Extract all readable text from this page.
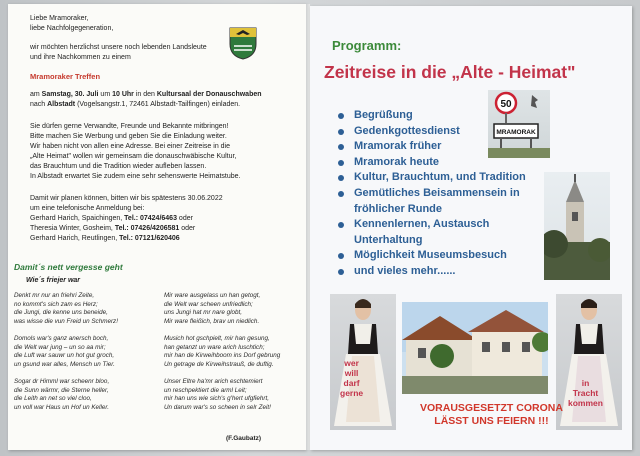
Liebe Mramoraker,
liebe Nachfolgegeneration,
wir möchten herzlichst unsere noch lebenden Landsleute
und ihre Nachkommen zu einem
Mramoraker Treffen
am Samstag, 30. Juli um 10 Uhr in den Kultursaal der Donauschwaben
nach Albstadt (Vogelsangstr.1, 72461 Albstadt-Tailfingen) einladen.
Sie dürfen gerne Verwandte, Freunde und Bekannte mitbringen!
Bitte machen Sie Werbung und geben Sie die Einladung weiter.
Wir haben nicht von allen eine Adresse. Bei einer Zeitreise in die
„Alte Heimat" wollen wir gemeinsam die donauschwäbische Kultur,
das Brauchtum und die Tradition wieder aufleben lassen.
In Albstadt erwartet Sie zudem eine sehr sehenswerte Heimatstube.
Damit wir planen können, bitten wir bis spätestens 30.06.2022
um eine telefonische Anmeldung bei:
Gerhard Harich, Spaichingen, Tel.: 07424/6463 oder
Theresia Winter, Gosheim, Tel.: 07426/4206581 oder
Gerhard Harich, Reutlingen, Tel.: 07121/620406
Damit´s nett vergesse geht
Wie´s friejer war
Denkt mr nur an friehri Zeite,
no kommt's sich zam es Herz;
die Jungi, die kenne uns beneide,
was wisse die vun Freid un Schmerz!

Domols war's ganz anersch boch,
die Welt war jung – un so aa mir;
die Luft war sauwr un hot gut groch,
un gsund war alles, Mensch un Tier.

Sogar dr Himml war scheenr bloo,
die Sunn wärmr, die Sterne heller,
die Leith an net so viel cloo,
un voll war Haus un Hof un Keller.
Mir ware ausgelass un han getogt,
die Welt war scheen unfriedlich;
uns Jungi hat mr nare globt,
Mir ware fleißich, brav un niedlich.

Musich hot gschpielt, mir han gesung,
han getanzt un ware arich luschtich;
mir han de Kirweihboom ins Dorf gebrung
Un getrage de Kirweihstrauß, de duftig.

Unser Eltre ha'mr arich eschtemiert
un reschpektiert die arml Leit;
mir han uns wie sich's g'hert ufgfiehrt,
Un darum war's so scheen in selr Zeit!
(F.Gaubatz)
Programm:
Zeitreise in die „Alte - Heimat"
50
MRAMORAK
Begrüßung
Gedenkgottesdienst
Mramorak früher
Mramorak heute
Kultur, Brauchtum, und Tradition
Gemütliches Beisammensein in
fröhlicher Runde
Kennenlernen, Austausch
Unterhaltung
Möglichkeit Museumsbesuch
und vieles mehr......
wer
will
darf
gerne
in
Tracht
kommen
VORAUSGESETZT CORONA
LÄSST UNS FEIERN !!!
